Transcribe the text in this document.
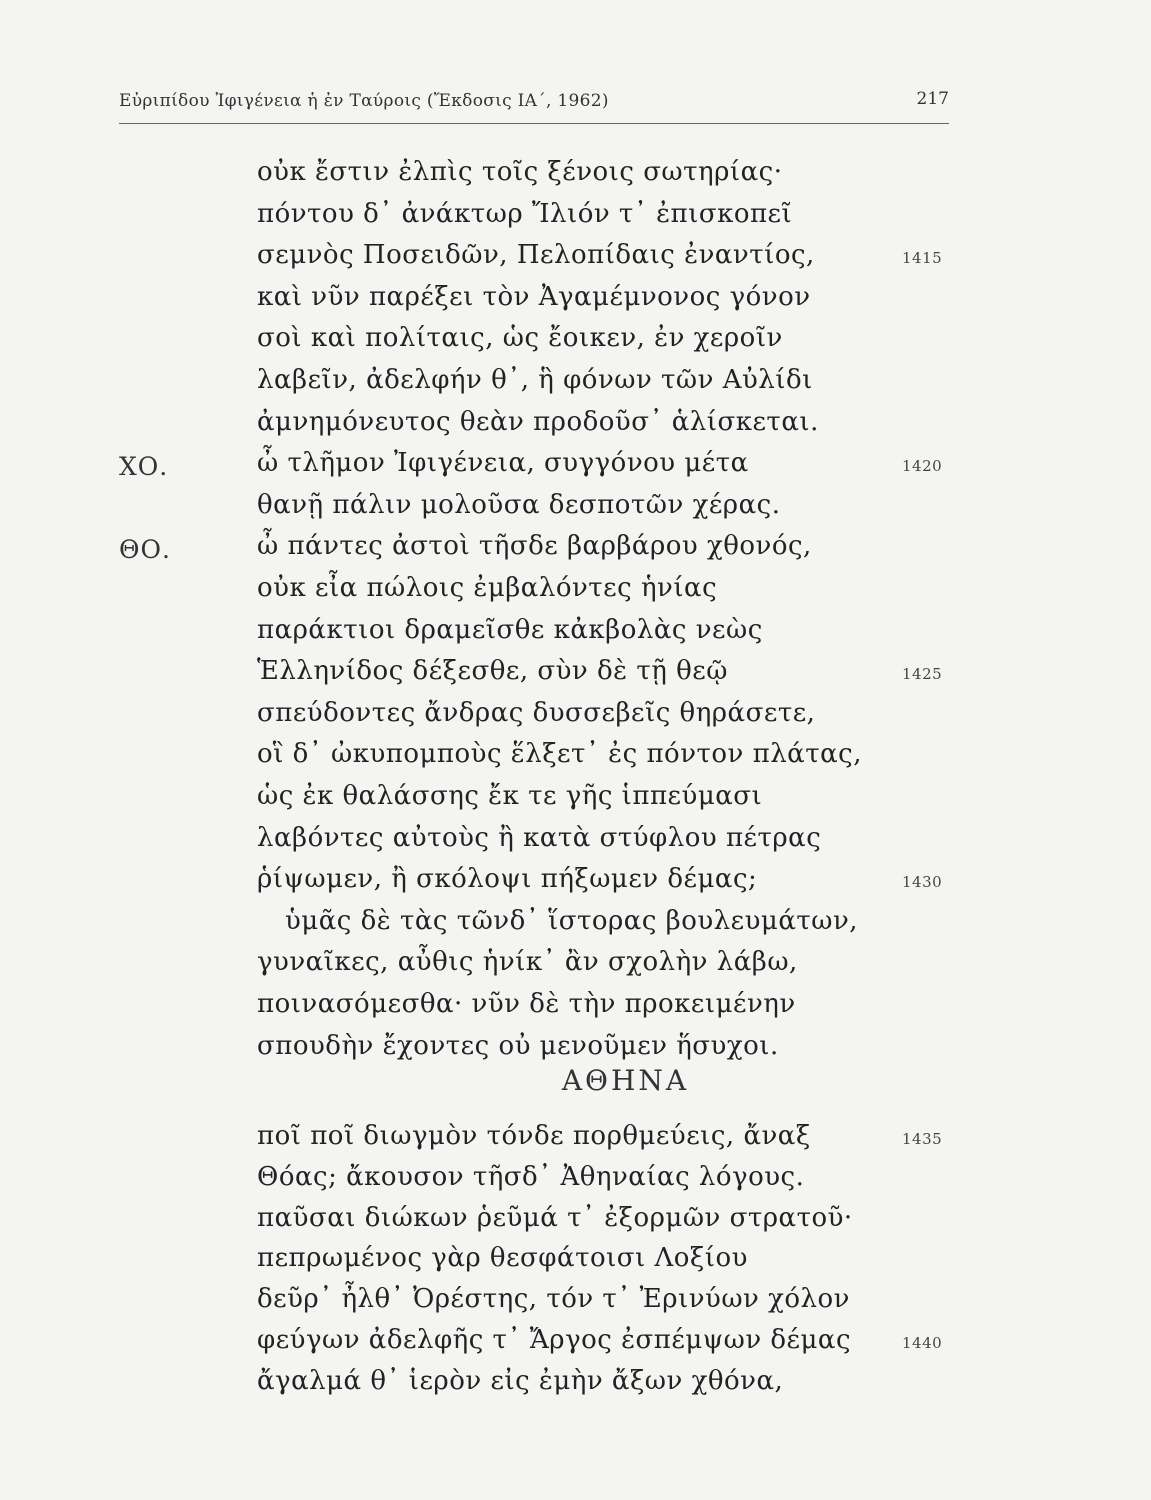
Εὐριπίδου Ἰφιγένεια ἡ ἐν Ταύροις (Ἔκδοσις ΙΑ΄, 1962)	217
οὐκ ἔστιν ἐλπὶς τοῖς ξένοις σωτηρίας·
πόντου δ᾽ ἀνάκτωρ Ἴλιόν τ᾽ ἐπισκοπεῖ
σεμνὸς Ποσειδῶν, Πελοπίδαις ἐναντίος,	1415
καὶ νῦν παρέξει τὸν Ἀγαμέμνονος γόνον
σοὶ καὶ πολίταις, ὡς ἔοικεν, ἐν χεροῖν
λαβεῖν, ἀδελφήν θ᾽, ἣ φόνων τῶν Αὐλίδι
ἀμνημόνευτος θεὰν προδοῦσ᾽ ἁλίσκεται.
ΧΟ.	ὦ τλῆμον Ἰφιγένεια, συγγόνου μέτα	1420
θανῇ πάλιν μολοῦσα δεσποτῶν χέρας.
ΘΟ.	ὦ πάντες ἀστοὶ τῆσδε βαρβάρου χθονός,
οὐκ εἶα πώλοις ἐμβαλόντες ἡνίας
παράκτιοι δραμεῖσθε κἀκβολὰς νεὼς
Ἑλληνίδος δέξεσθε, σὺν δὲ τῇ θεῷ	1425
σπεύδοντες ἄνδρας δυσσεβεῖς θηράσετε,
οἳ δ᾽ ὠκυπομποὺς ἕλξετ᾽ ἐς πόντον πλάτας,
ὡς ἐκ θαλάσσης ἔκ τε γῆς ἱππεύμασι
λαβόντες αὐτοὺς ἢ κατὰ στύφλου πέτρας
ῥίψωμεν, ἢ σκόλοψι πήξωμεν δέμας;	1430
ὑμᾶς δὲ τὰς τῶνδ᾽ ἵστορας βουλευμάτων,
γυναῖκες, αὖθις ἡνίκ᾽ ἂν σχολὴν λάβω,
ποινασόμεσθα· νῦν δὲ τὴν προκειμένην
σπουδὴν ἔχοντες οὐ μενοῦμεν ἥσυχοι.
ΑΘΗΝΑ
ποῖ ποῖ διωγμὸν τόνδε πορθμεύεις, ἄναξ	1435
Θόας; ἄκουσον τῆσδ᾽ Ἀθηναίας λόγους.
παῦσαι διώκων ῥεῦμά τ᾽ ἐξορμῶν στρατοῦ·
πεπρωμένος γὰρ θεσφάτοισι Λοξίου
δεῦρ᾽ ἦλθ᾽ Ὀρέστης, τόν τ᾽ Ἐρινύων χόλον
φεύγων ἀδελφῆς τ᾽ Ἄργος ἐσπέμψων δέμας	1440
ἄγαλμά θ᾽ ἱερὸν εἰς ἐμὴν ἄξων χθόνα,
